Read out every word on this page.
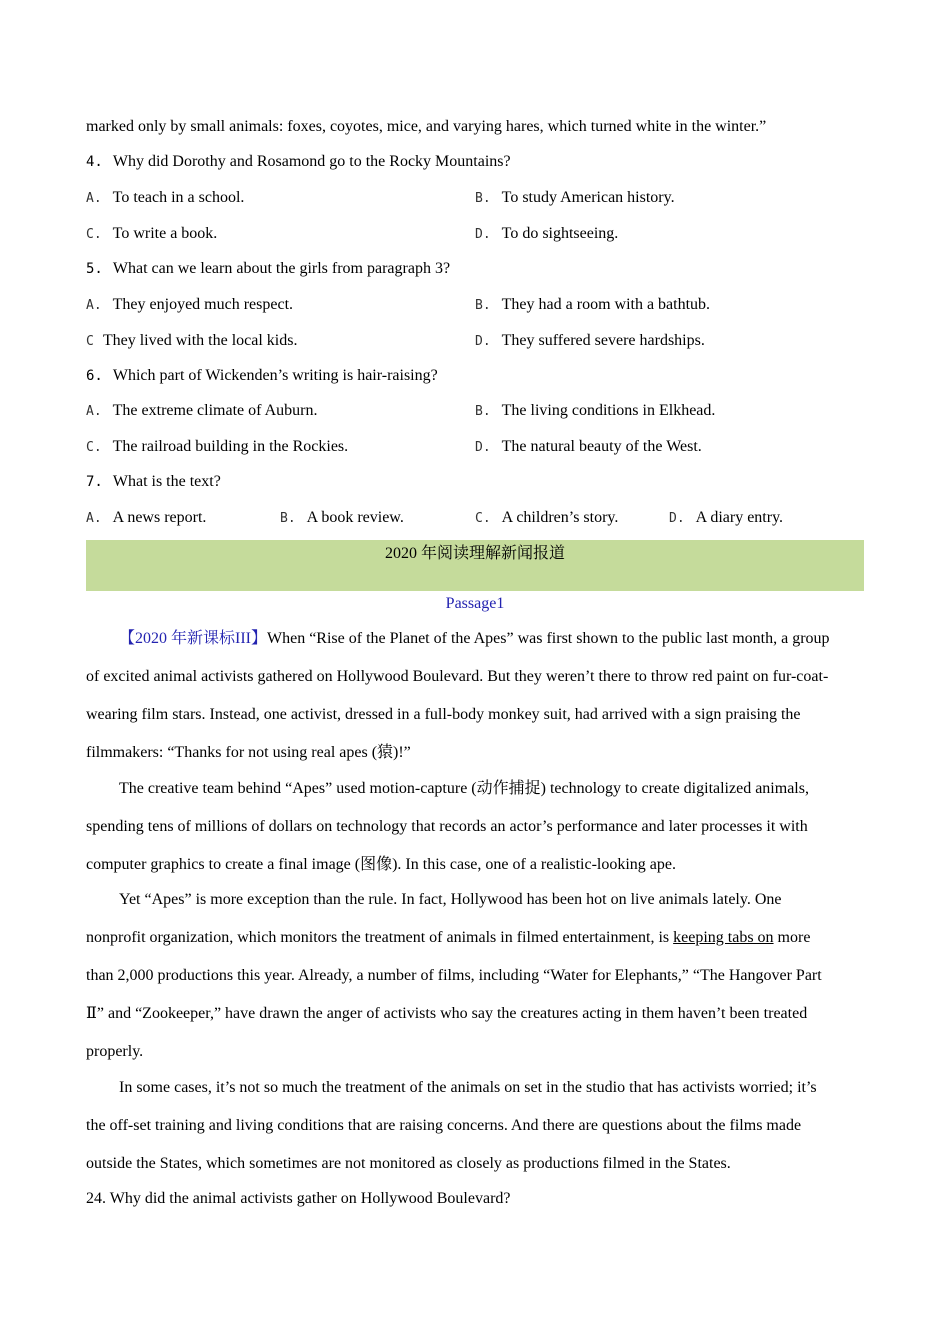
marked only by small animals: foxes, coyotes, mice, and varying hares, which turned white in the winter.”
4. Why did Dorothy and Rosamond go to the Rocky Mountains?
A. To teach in a school.	B. To study American history.
C. To write a book.	D. To do sightseeing.
5. What can we learn about the girls from paragraph 3?
A. They enjoyed much respect.	B. They had a room with a bathtub.
C They lived with the local kids.	D. They suffered severe hardships.
6. Which part of Wickenden’s writing is hair-raising?
A. The extreme climate of Auburn.	B. The living conditions in Elkhead.
C. The railroad building in the Rockies.	D. The natural beauty of the West.
7. What is the text?
A. A news report.	B. A book review.	C. A children’s story.	D. A diary entry.
2020 年阅读理解新闻报道
Passage1
【2020 年新课标III】When “Rise of the Planet of the Apes” was first shown to the public last month, a group
of excited animal activists gathered on Hollywood Boulevard. But they weren’t there to throw red paint on fur-coat-
wearing film stars. Instead, one activist, dressed in a full-body monkey suit, had arrived with a sign praising the
filmmakers: “Thanks for not using real apes (猿)!”
The creative team behind “Apes” used motion-capture (动作捕捉) technology to create digitalized animals,
spending tens of millions of dollars on technology that records an actor’s performance and later processes it with
computer graphics to create a final image (图像). In this case, one of a realistic-looking ape.
Yet “Apes” is more exception than the rule. In fact, Hollywood has been hot on live animals lately. One
nonprofit organization, which monitors the treatment of animals in filmed entertainment, is keeping tabs on more
than 2,000 productions this year. Already, a number of films, including “Water for Elephants,” “The Hangover Part
Ⅱ” and “Zookeeper,” have drawn the anger of activists who say the creatures acting in them haven’t been treated
properly.
In some cases, it’s not so much the treatment of the animals on set in the studio that has activists worried; it’s
the off-set training and living conditions that are raising concerns. And there are questions about the films made
outside the States, which sometimes are not monitored as closely as productions filmed in the States.
24. Why did the animal activists gather on Hollywood Boulevard?
